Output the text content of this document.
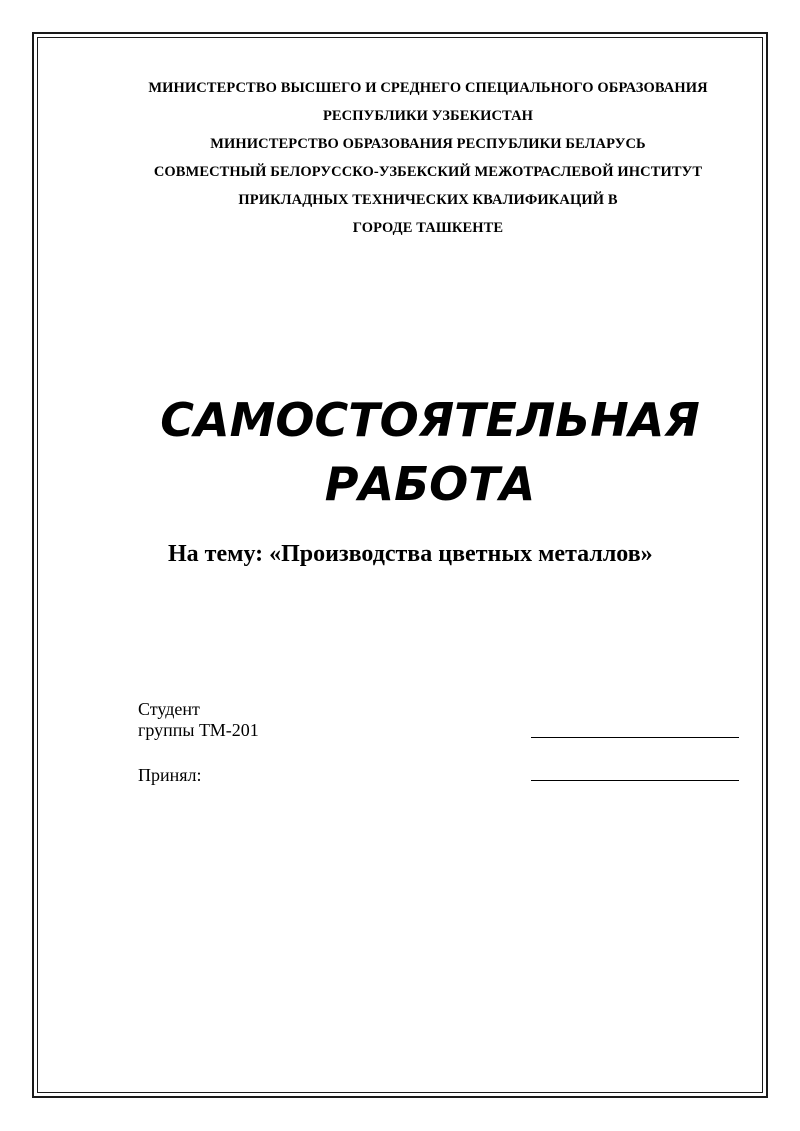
МИНИСТЕРСТВО ВЫСШЕГО И СРЕДНЕГО СПЕЦИАЛЬНОГО ОБРАЗОВАНИЯ
РЕСПУБЛИКИ УЗБЕКИСТАН
МИНИСТЕРСТВО ОБРАЗОВАНИЯ РЕСПУБЛИКИ БЕЛАРУСЬ
СОВМЕСТНЫЙ БЕЛОРУССКО-УЗБЕКСКИЙ МЕЖОТРАСЛЕВОЙ ИНСТИТУТ
ПРИКЛАДНЫХ ТЕХНИЧЕСКИХ КВАЛИФИКАЦИЙ В
ГОРОДЕ ТАШКЕНТЕ
САМОСТОЯТЕЛЬНАЯ
РАБОТА
На тему: «Производства цветных металлов»
Студент
группы ТМ-201
Принял:
